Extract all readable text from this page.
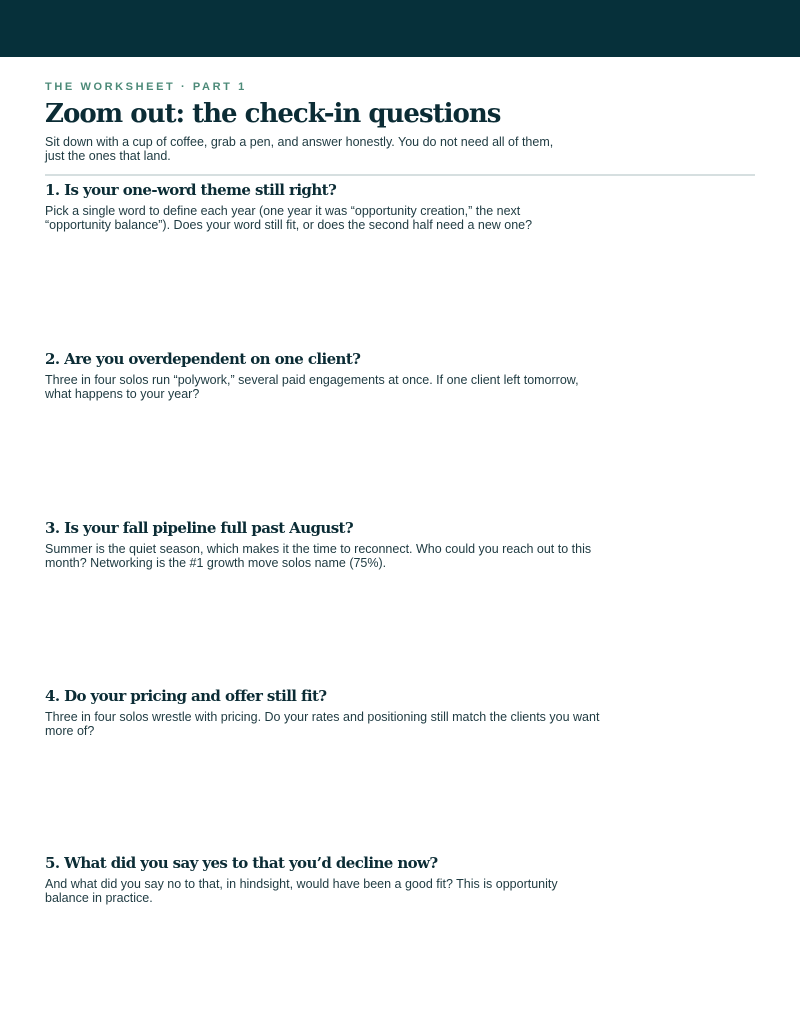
THE WORKSHEET · PART 1

Zoom out: the check-in questions

Sit down with a cup of coffee, grab a pen, and answer honestly. You do not need all of them, just the ones that land.

1. Is your one-word theme still right?

Pick a single word to define each year (one year it was “opportunity creation,” the next “opportunity balance”). Does your word still fit, or does the second half need a new one?

2. Are you overdependent on one client?

Three in four solos run “polywork,” several paid engagements at once. If one client left tomorrow, what happens to your year?

3. Is your fall pipeline full past August?

Summer is the quiet season, which makes it the time to reconnect. Who could you reach out to this month? Networking is the #1 growth move solos name (75%).

4. Do your pricing and offer still fit?

Three in four solos wrestle with pricing. Do your rates and positioning still match the clients you want more of?

5. What did you say yes to that you’d decline now?

And what did you say no to that, in hindsight, would have been a good fit? This is opportunity balance in practice.
